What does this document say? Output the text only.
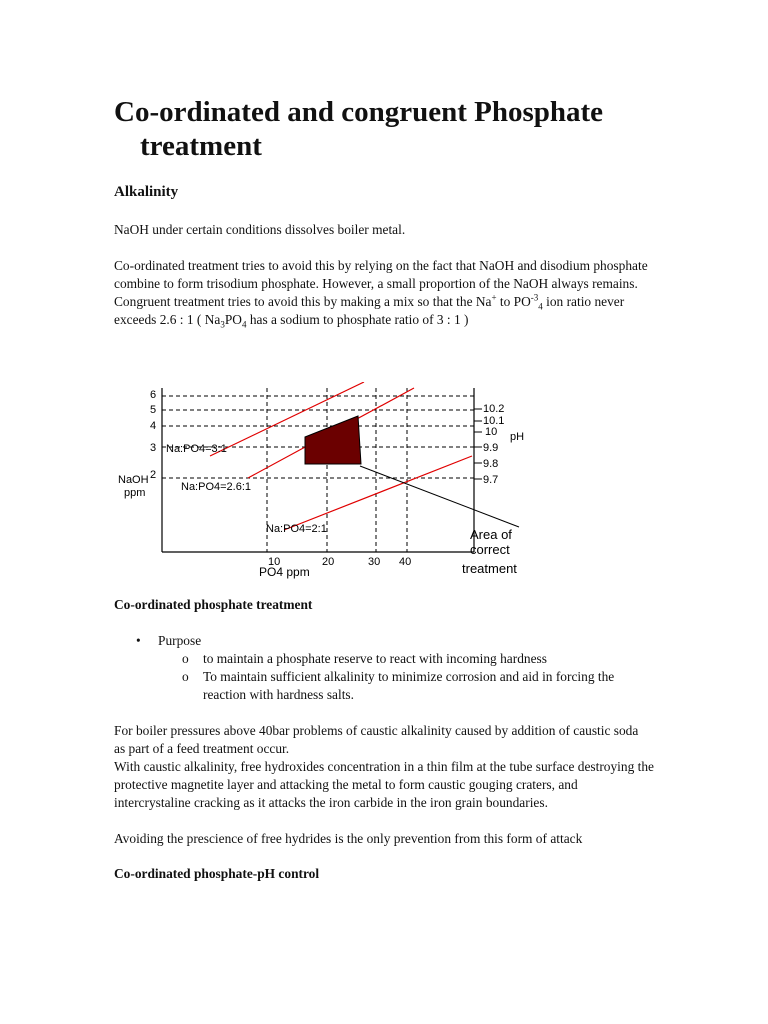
Co-ordinated and congruent Phosphate
treatment

Alkalinity

NaOH under certain conditions dissolves boiler metal.

Co-ordinated treatment tries to avoid this by relying on the fact that NaOH and disodium phosphate combine to form trisodium phosphate. However, a small proportion of the NaOH always remains. Congruent treatment tries to avoid this by making a mix so that the Na+ to $PO^{-3}_4$ ion ratio never exceeds 2.6 : 1 ( $Na_3PO_4$ has a sodium to phosphate ratio of 3 : 1 )

6
5
4
3
2
NaOH
ppm
10.2
10.1
10
9.9
9.8
9.7
pH
Na:PO4=3:1
Na:PO4=2.6:1
Na:PO4=2:1	Area of
correct
treatment
10	20	30 40
PO4 ppm

Co-ordinated phosphate treatment

• Purpose
o to maintain a phosphate reserve to react with incoming hardness
o To maintain sufficient alkalinity to minimize corrosion and aid in forcing the reaction with hardness salts.

For boiler pressures above 40bar problems of caustic alkalinity caused by addition of caustic soda as part of a feed treatment occur.

With caustic alkalinity, free hydroxides concentration in a thin film at the tube surface destroying the protective magnetite layer and attacking the metal to form caustic gouging craters, and intercrystaline cracking as it attacks the iron carbide in the iron grain boundaries.

Avoiding the prescience of free hydrides is the only prevention from this form of attack

Co-ordinated phosphate-pH control
